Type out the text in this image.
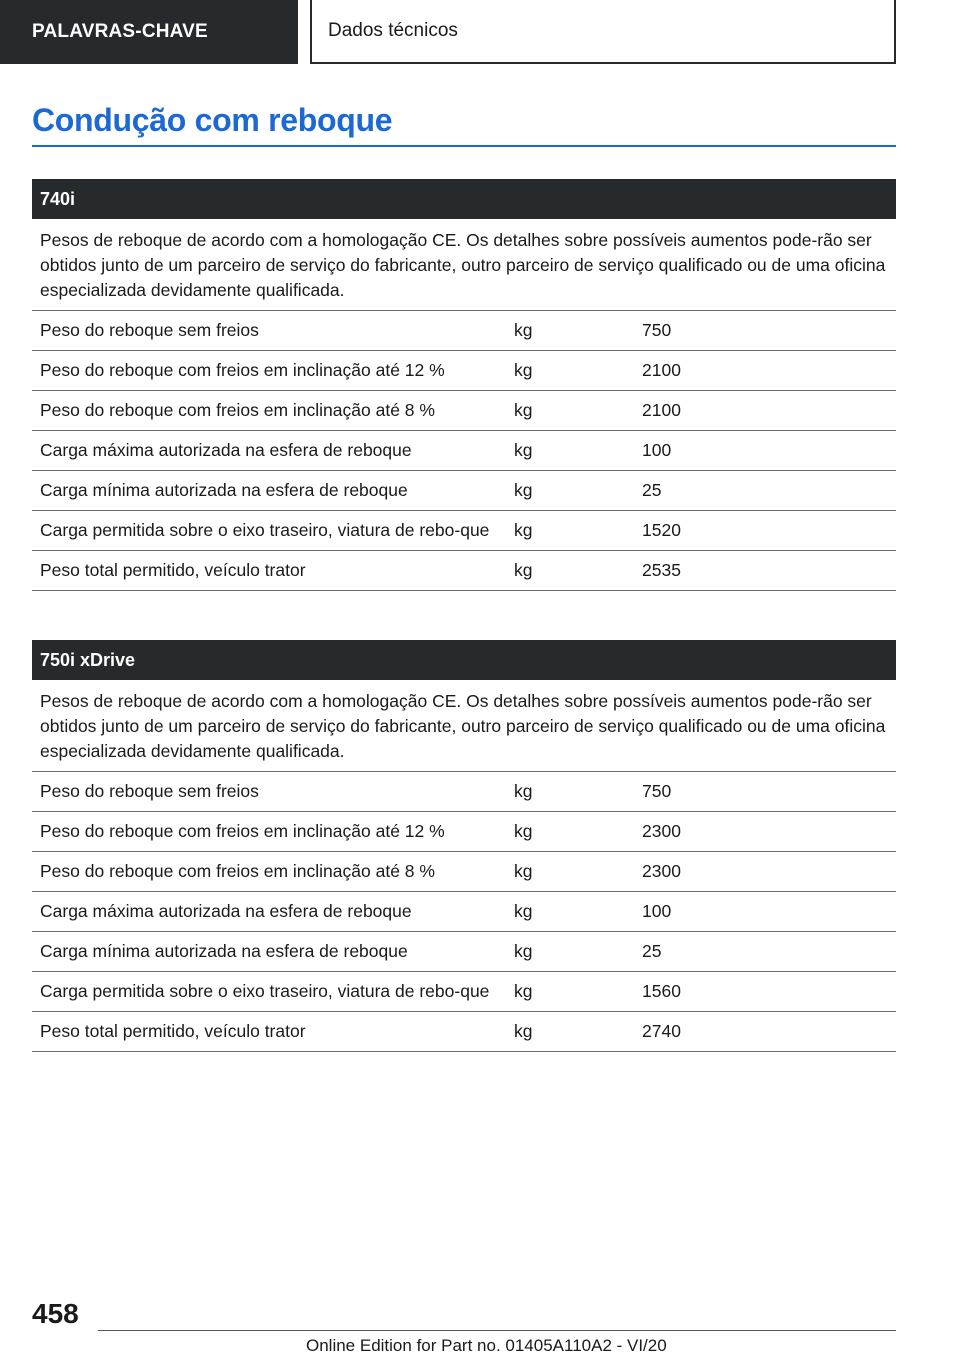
PALAVRAS-CHAVE	Dados técnicos
Condução com reboque
740i
Pesos de reboque de acordo com a homologação CE. Os detalhes sobre possíveis aumentos pode-rão ser obtidos junto de um parceiro de serviço do fabricante, outro parceiro de serviço qualificado ou de uma oficina especializada devidamente qualificada.
Peso do reboque sem freios	kg	750
Peso do reboque com freios em inclinação até 12 %	kg	2100
Peso do reboque com freios em inclinação até 8 %	kg	2100
Carga máxima autorizada na esfera de reboque	kg	100
Carga mínima autorizada na esfera de reboque	kg	25
Carga permitida sobre o eixo traseiro, viatura de rebo-que	kg	1520
Peso total permitido, veículo trator	kg	2535
750i xDrive
Pesos de reboque de acordo com a homologação CE. Os detalhes sobre possíveis aumentos pode-rão ser obtidos junto de um parceiro de serviço do fabricante, outro parceiro de serviço qualificado ou de uma oficina especializada devidamente qualificada.
Peso do reboque sem freios	kg	750
Peso do reboque com freios em inclinação até 12 %	kg	2300
Peso do reboque com freios em inclinação até 8 %	kg	2300
Carga máxima autorizada na esfera de reboque	kg	100
Carga mínima autorizada na esfera de reboque	kg	25
Carga permitida sobre o eixo traseiro, viatura de rebo-que	kg	1560
Peso total permitido, veículo trator	kg	2740
458
Online Edition for Part no. 01405A110A2 - VI/20
